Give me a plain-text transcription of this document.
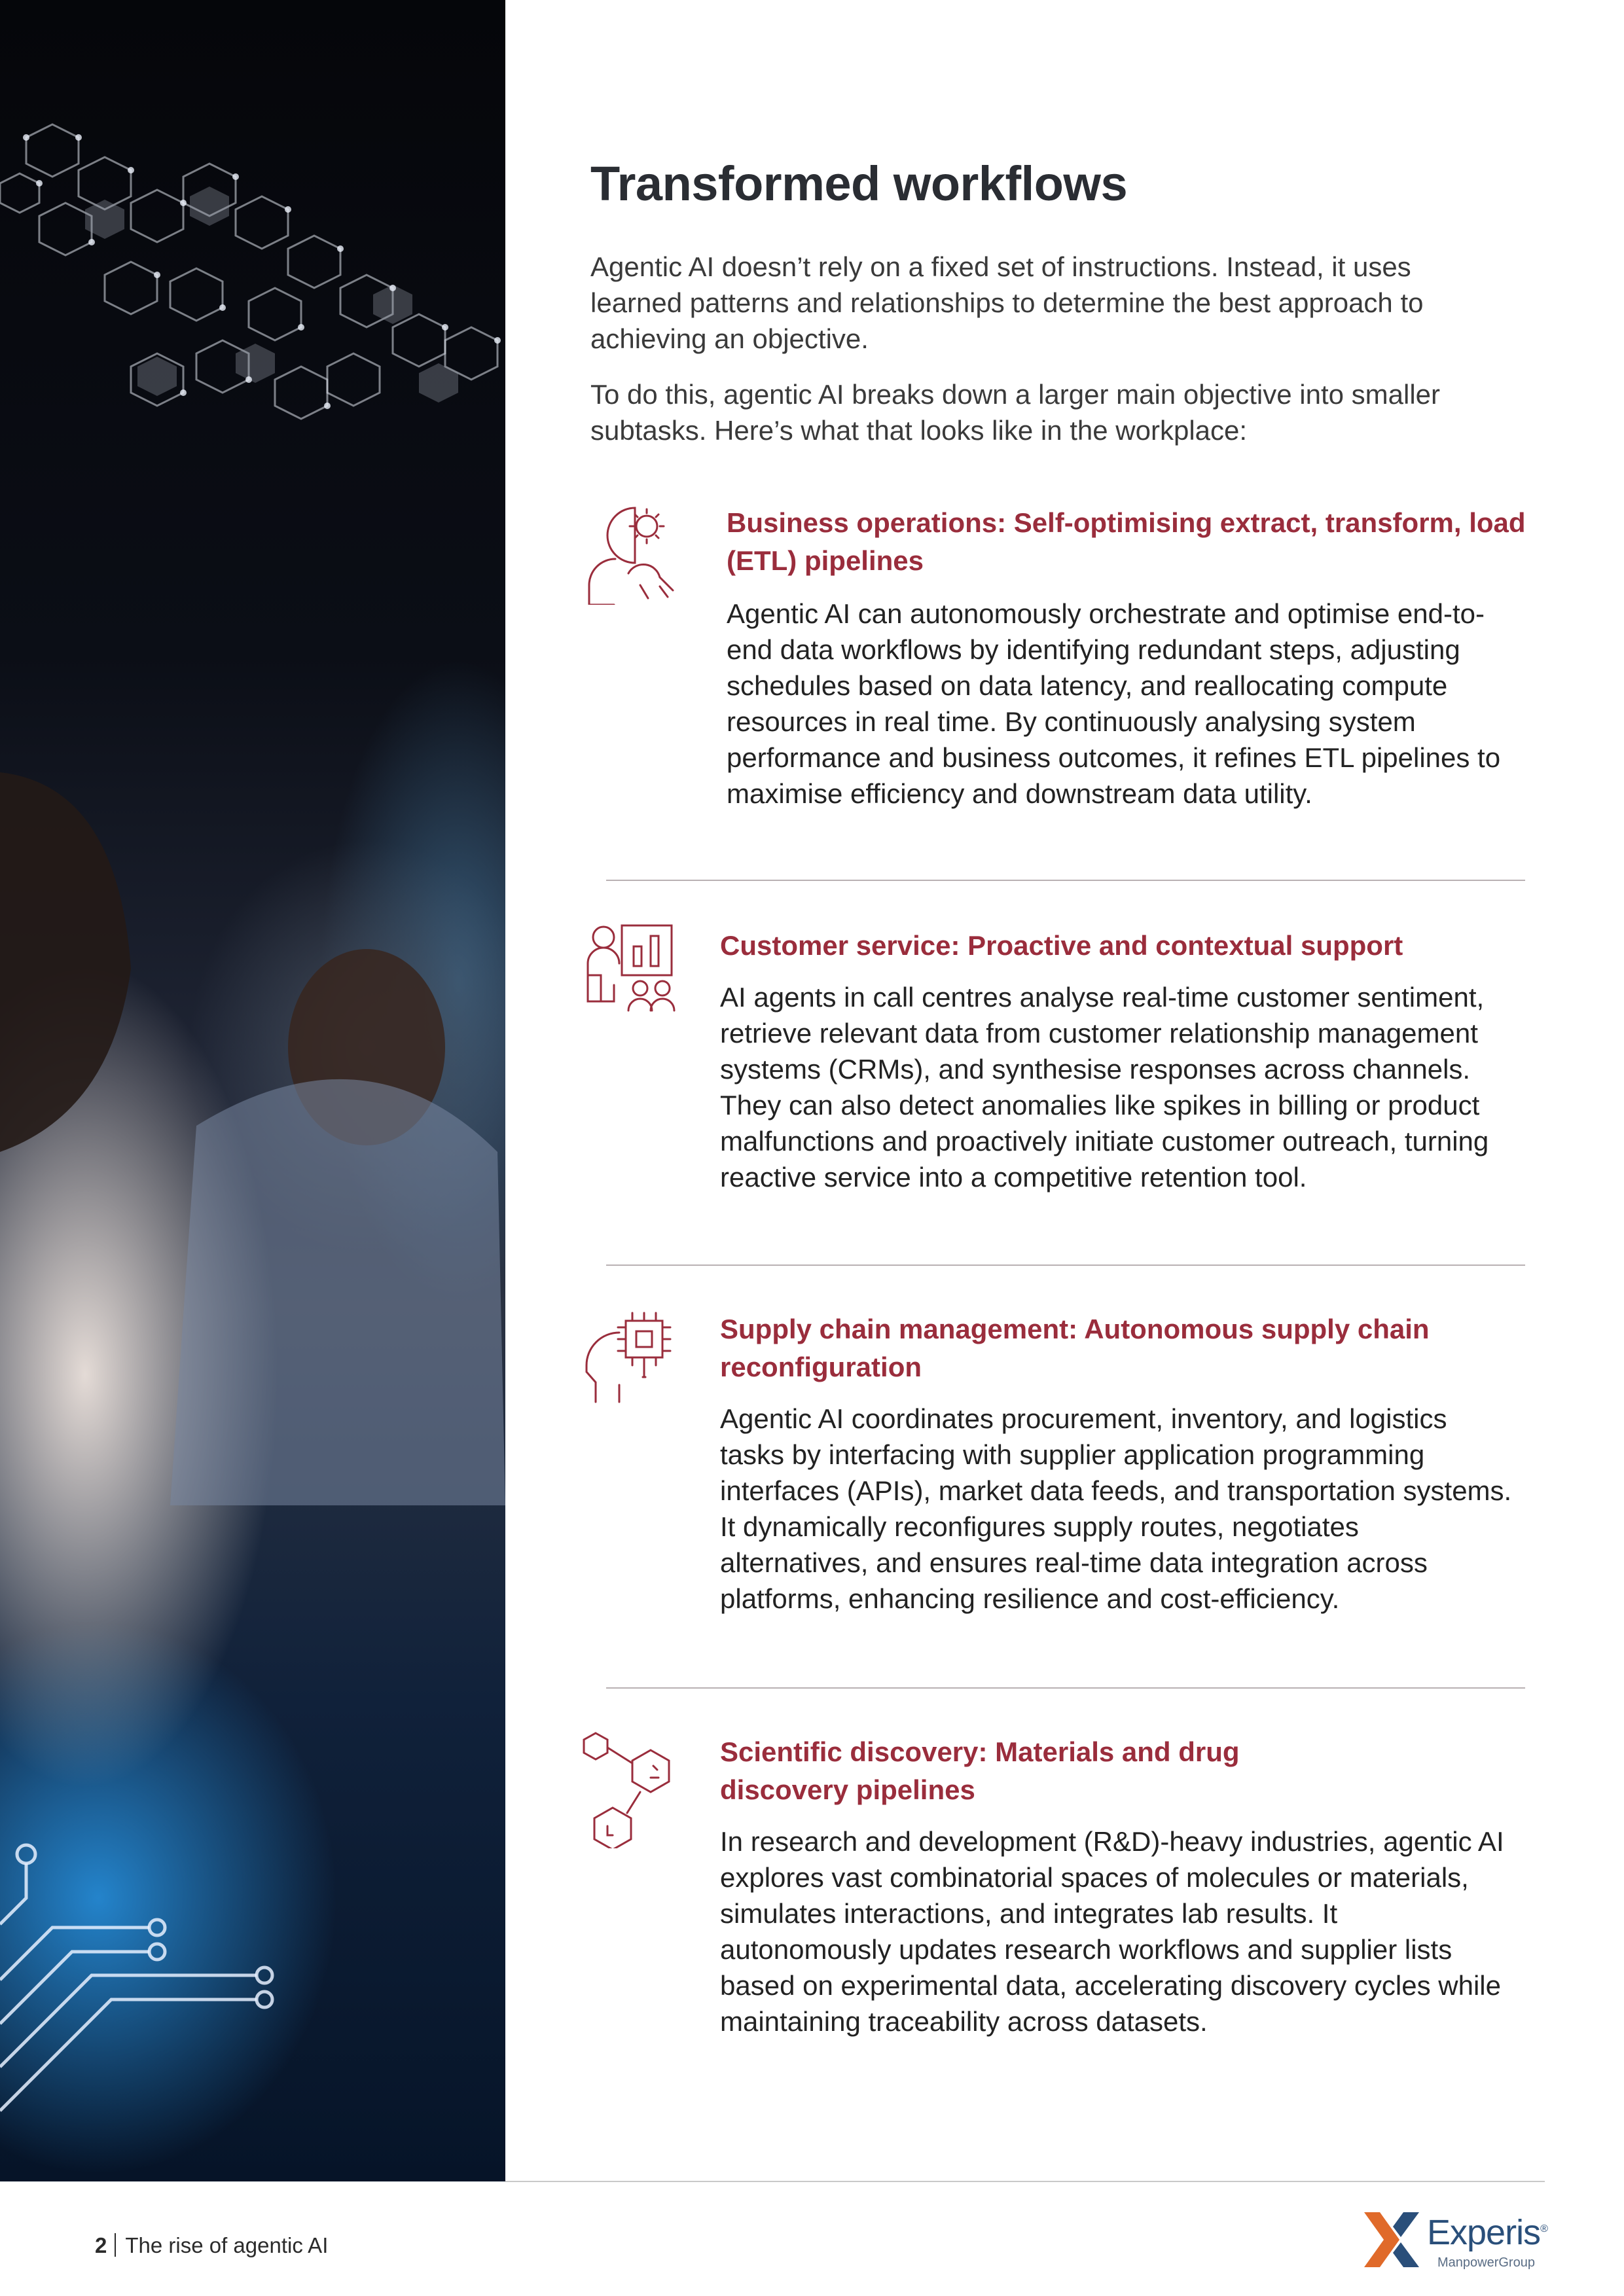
Transformed workflows

Agentic AI doesn’t rely on a fixed set of instructions. Instead, it uses learned patterns and relationships to determine the best approach to achieving an objective.

To do this, agentic AI breaks down a larger main objective into smaller subtasks. Here’s what that looks like in the workplace:

Business operations: Self-optimising extract, transform, load (ETL) pipelines

Agentic AI can autonomously orchestrate and optimise end-to-end data workflows by identifying redundant steps, adjusting schedules based on data latency, and reallocating compute resources in real time. By continuously analysing system performance and business outcomes, it refines ETL pipelines to maximise efficiency and downstream data utility.

Customer service: Proactive and contextual support

AI agents in call centres analyse real-time customer sentiment, retrieve relevant data from customer relationship management systems (CRMs), and synthesise responses across channels. They can also detect anomalies like spikes in billing or product malfunctions and proactively initiate customer outreach, turning reactive service into a competitive retention tool.

Supply chain management: Autonomous supply chain reconfiguration

Agentic AI coordinates procurement, inventory, and logistics tasks by interfacing with supplier application programming interfaces (APIs), market data feeds, and transportation systems. It dynamically reconfigures supply routes, negotiates alternatives, and ensures real-time data integration across platforms, enhancing resilience and cost-efficiency.

Scientific discovery: Materials and drug discovery pipelines

In research and development (R&D)-heavy industries, agentic AI explores vast combinatorial spaces of molecules or materials, simulates interactions, and integrates lab results. It autonomously updates research workflows and supplier lists based on experimental data, accelerating discovery cycles while maintaining traceability across datasets.

2 The rise of agentic AI	Experis®
ManpowerGroup
